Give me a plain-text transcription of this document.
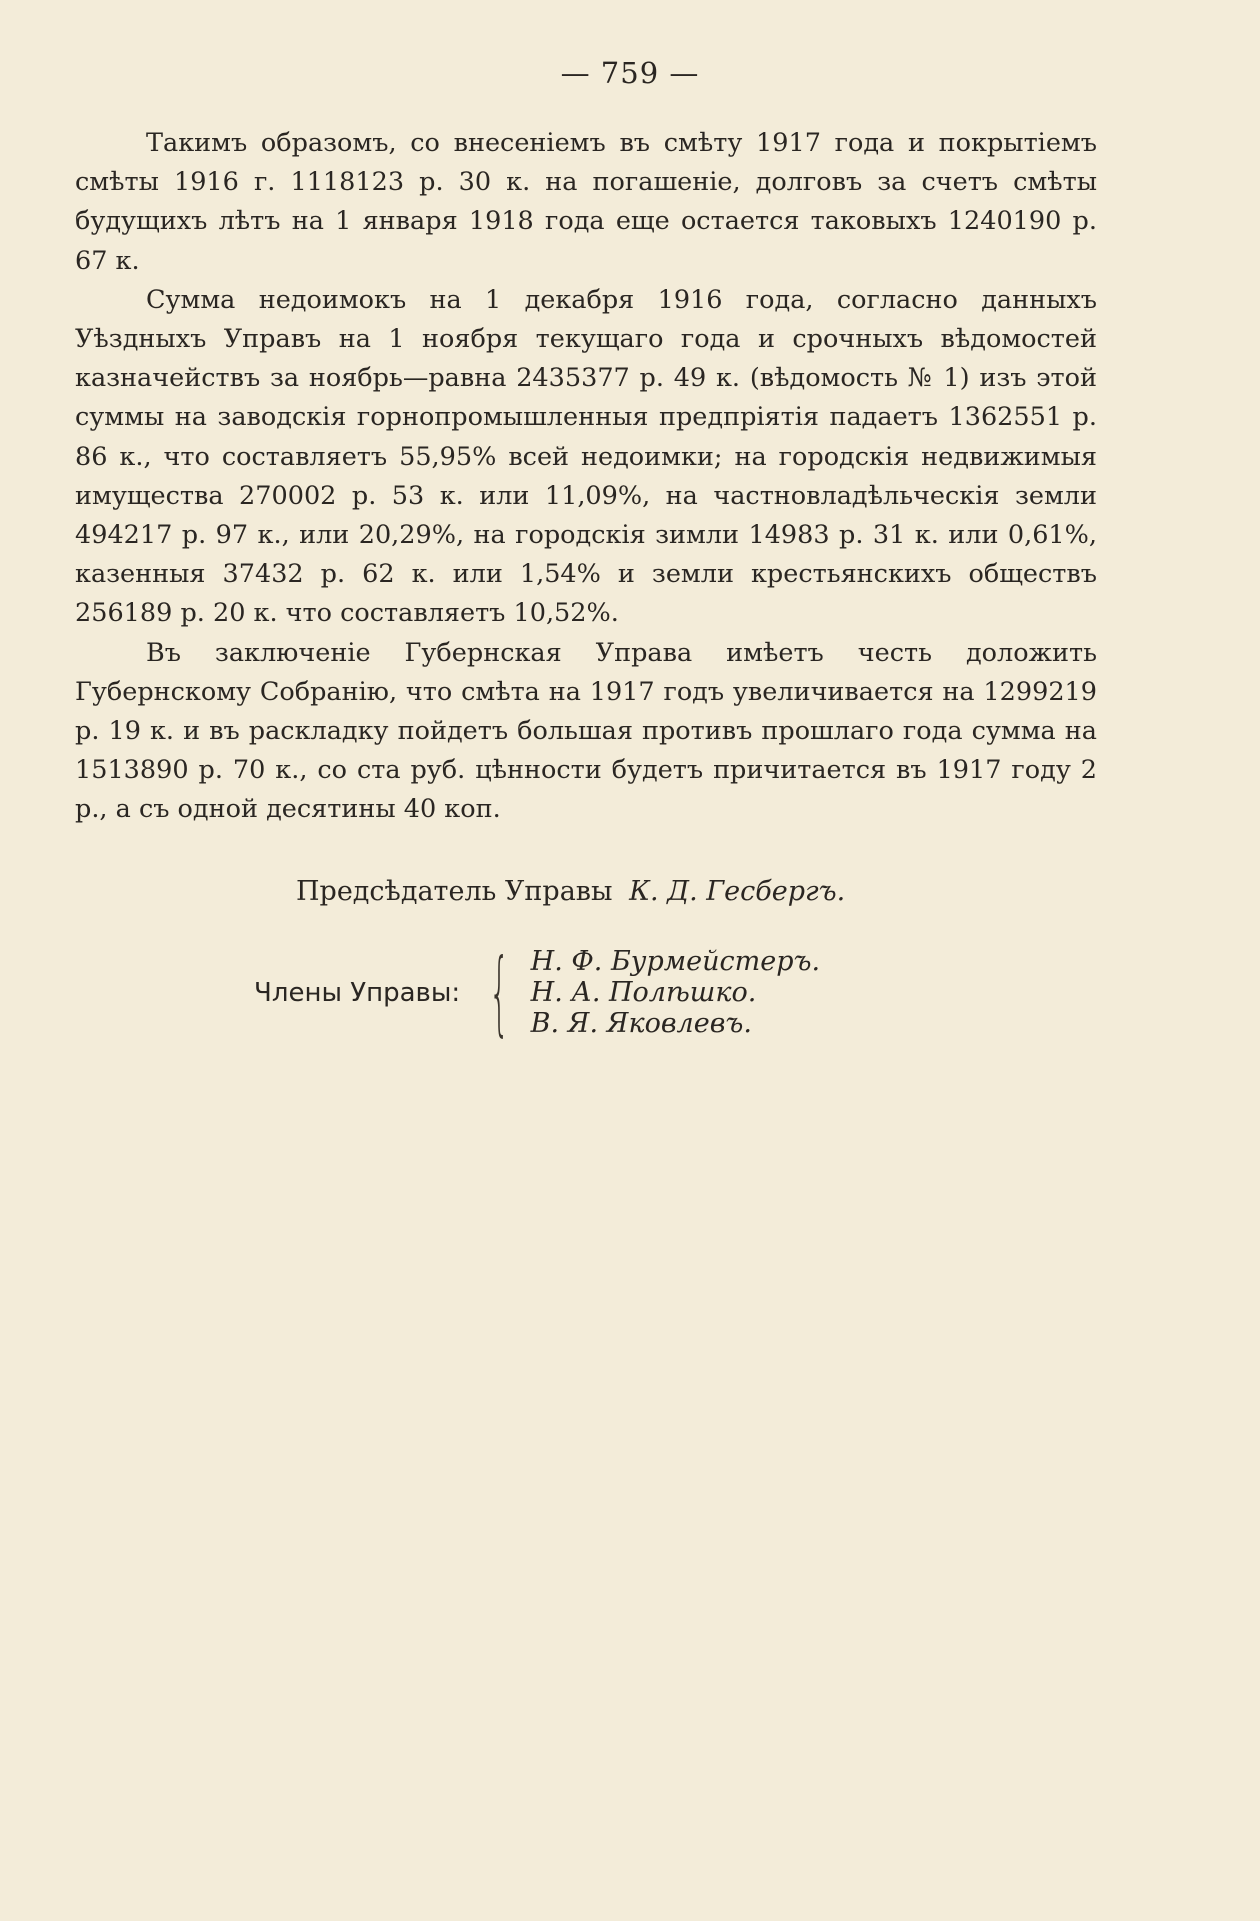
— 759 —

Такимъ образомъ, со внесеніемъ въ смѣту 1917 года и покрытіемъ смѣты 1916 г. 1118123 р. 30 к. на погашеніе, долговъ за счетъ смѣты будущихъ лѣтъ на 1 января 1918 года еще остается таковыхъ 1240190 р. 67 к.

Сумма недоимокъ на 1 декабря 1916 года, согласно данныхъ Уѣздныхъ Управъ на 1 ноября текущаго года и срочныхъ вѣдомостей казначействъ за ноябрь—равна 2435377 р. 49 к. (вѣдомость № 1) изъ этой суммы на заводскія горнопромышленныя предпріятія падаетъ 1362551 р. 86 к., что составляетъ 55,95% всей недоимки; на городскія недвижимыя имущества 270002 р. 53 к. или 11,09%, на частновладѣльческія земли 494217 р. 97 к., или 20,29%, на городскія зимли 14983 р. 31 к. или 0,61%, казенныя 37432 р. 62 к. или 1,54% и земли крестьянскихъ обществъ 256189 р. 20 к. что составляетъ 10,52%.

Въ заключеніе Губернская Управа имѣетъ честь доложить Губернскому Собранію, что смѣта на 1917 годъ увеличивается на 1299219 р. 19 к. и въ раскладку пойдетъ большая противъ прошлаго года сумма на 1513890 р. 70 к., со ста руб. цѣнности будетъ причитается въ 1917 году 2 р., а съ одной десятины 40 коп.

Предсѣдатель Управы К. Д. Гесбергъ.
Члены Управы: { Н. Ф. Бурмейстеръ.
Н. А. Полѣшко.
В. Я. Яковлевъ.
